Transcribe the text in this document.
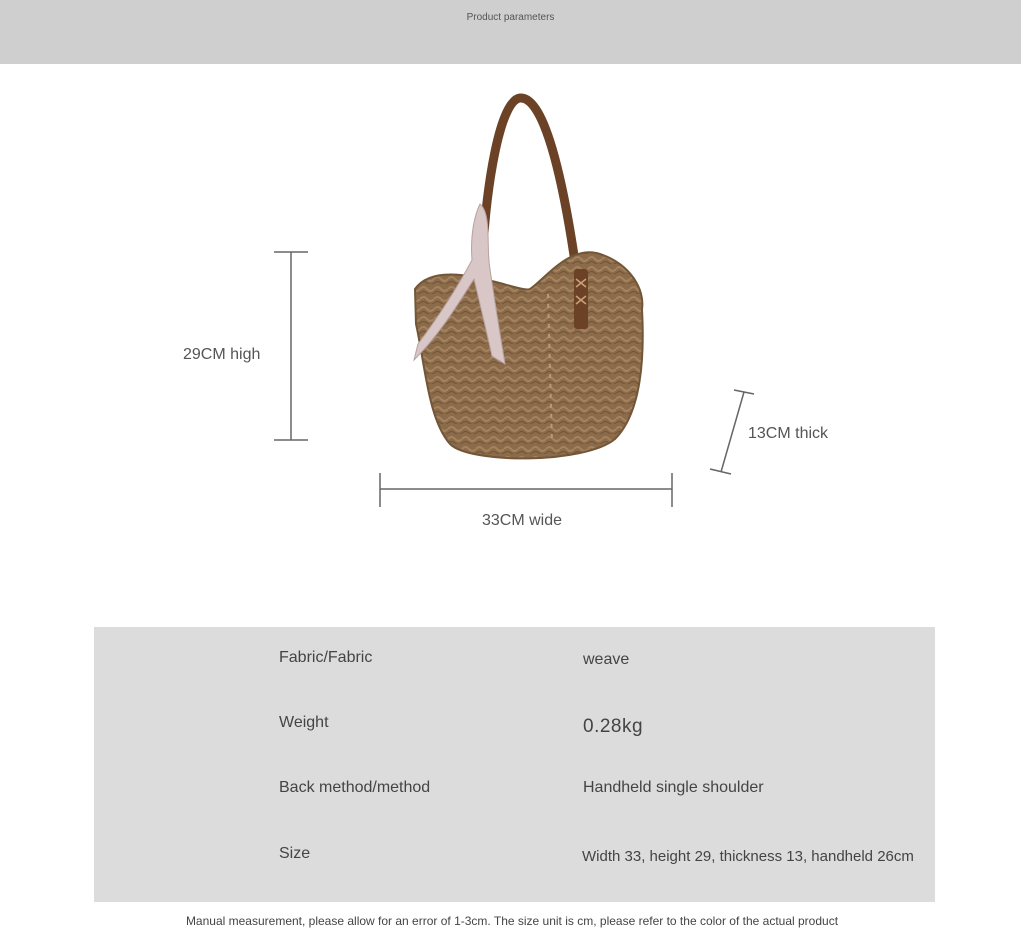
Product parameters
29CM high
13CM thick
33CM wide
Fabric/Fabric	weave
Weight	0.28kg
Back method/method	Handheld single shoulder
Size	Width 33, height 29, thickness 13, handheld 26cm
Manual measurement, please allow for an error of 1-3cm. The size unit is cm, please refer to the color of the actual product
